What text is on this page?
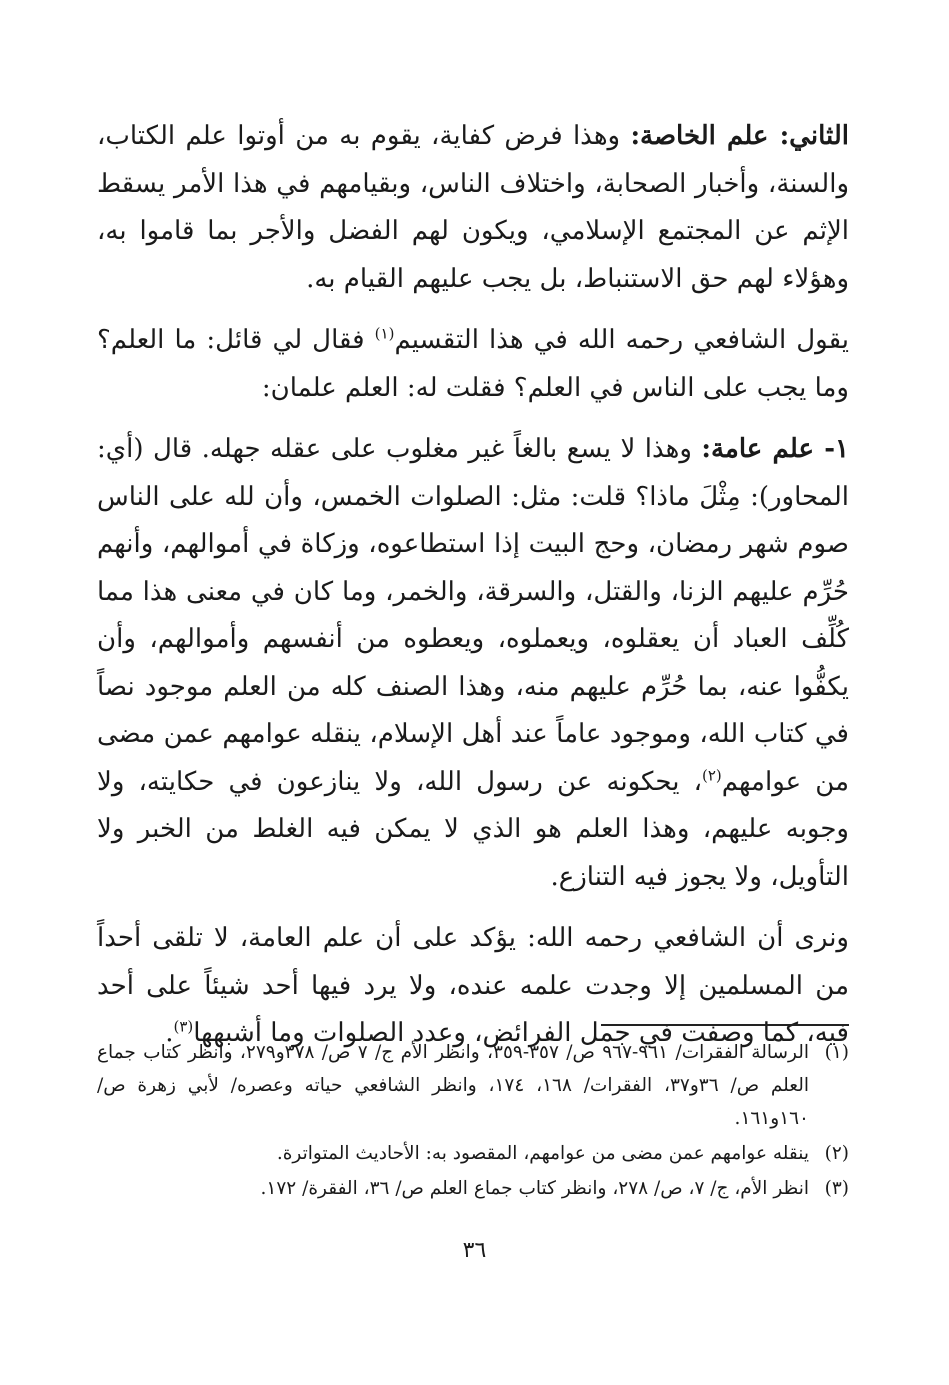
الثاني: علم الخاصة: وهذا فرض كفاية، يقوم به من أوتوا علم الكتاب، والسنة، وأخبار الصحابة، واختلاف الناس، وبقيامهم في هذا الأمر يسقط الإثم عن المجتمع الإسلامي، ويكون لهم الفضل والأجر بما قاموا به، وهؤلاء لهم حق الاستنباط، بل يجب عليهم القيام به.

يقول الشافعي رحمه الله في هذا التقسيم$^{(١)}$ فقال لي قائل: ما العلم؟ وما يجب على الناس في العلم؟ فقلت له: العلم علمان:

١- علم عامة: وهذا لا يسع بالغاً غير مغلوب على عقله جهله. قال (أي: المحاور): مِثْلَ ماذا؟ قلت: مثل: الصلوات الخمس، وأن لله على الناس صوم شهر رمضان، وحج البيت إذا استطاعوه، وزكاة في أموالهم، وأنهم حُرِّم عليهم الزنا، والقتل، والسرقة، والخمر، وما كان في معنى هذا مما كُلِّف العباد أن يعقلوه، ويعملوه، ويعطوه من أنفسهم وأموالهم، وأن يكفُّوا عنه، بما حُرِّم عليهم منه، وهذا الصنف كله من العلم موجود نصاً في كتاب الله، وموجود عاماً عند أهل الإسلام، ينقله عوامهم عمن مضى من عوامهم$^{(٢)}$، يحكونه عن رسول الله، ولا ينازعون في حكايته، ولا وجوبه عليهم، وهذا العلم هو الذي لا يمكن فيه الغلط من الخبر ولا التأويل، ولا يجوز فيه التنازع.

ونرى أن الشافعي رحمه الله: يؤكد على أن علم العامة، لا تلقى أحداً من المسلمين إلا وجدت علمه عنده، ولا يرد فيها أحد شيئاً على أحد فيه، كما وصفت في جمل الفرائض، وعدد الصلوات وما أشبهها$^{(٣)}$.

(١)
الرسالة الفقرات/ ٩٦١-٩٦٧ ص/ ٣٥٧-٣٥٩، وانظر الأم ج/ ٧ ص/ ٣٧٨و٢٧٩، وانظر كتاب جماع العلم ص/ ٣٦و٣٧، الفقرات/ ١٦٨، ١٧٤، وانظر الشافعي حياته وعصره/ لأبي زهرة ص/ ١٦٠و١٦١.
(٢)
ينقله عوامهم عمن مضى من عوامهم، المقصود به: الأحاديث المتواترة.
(٣)
انظر الأم، ج/ ٧، ص/ ٢٧٨، وانظر كتاب جماع العلم ص/ ٣٦، الفقرة/ ١٧٢.
٣٦
